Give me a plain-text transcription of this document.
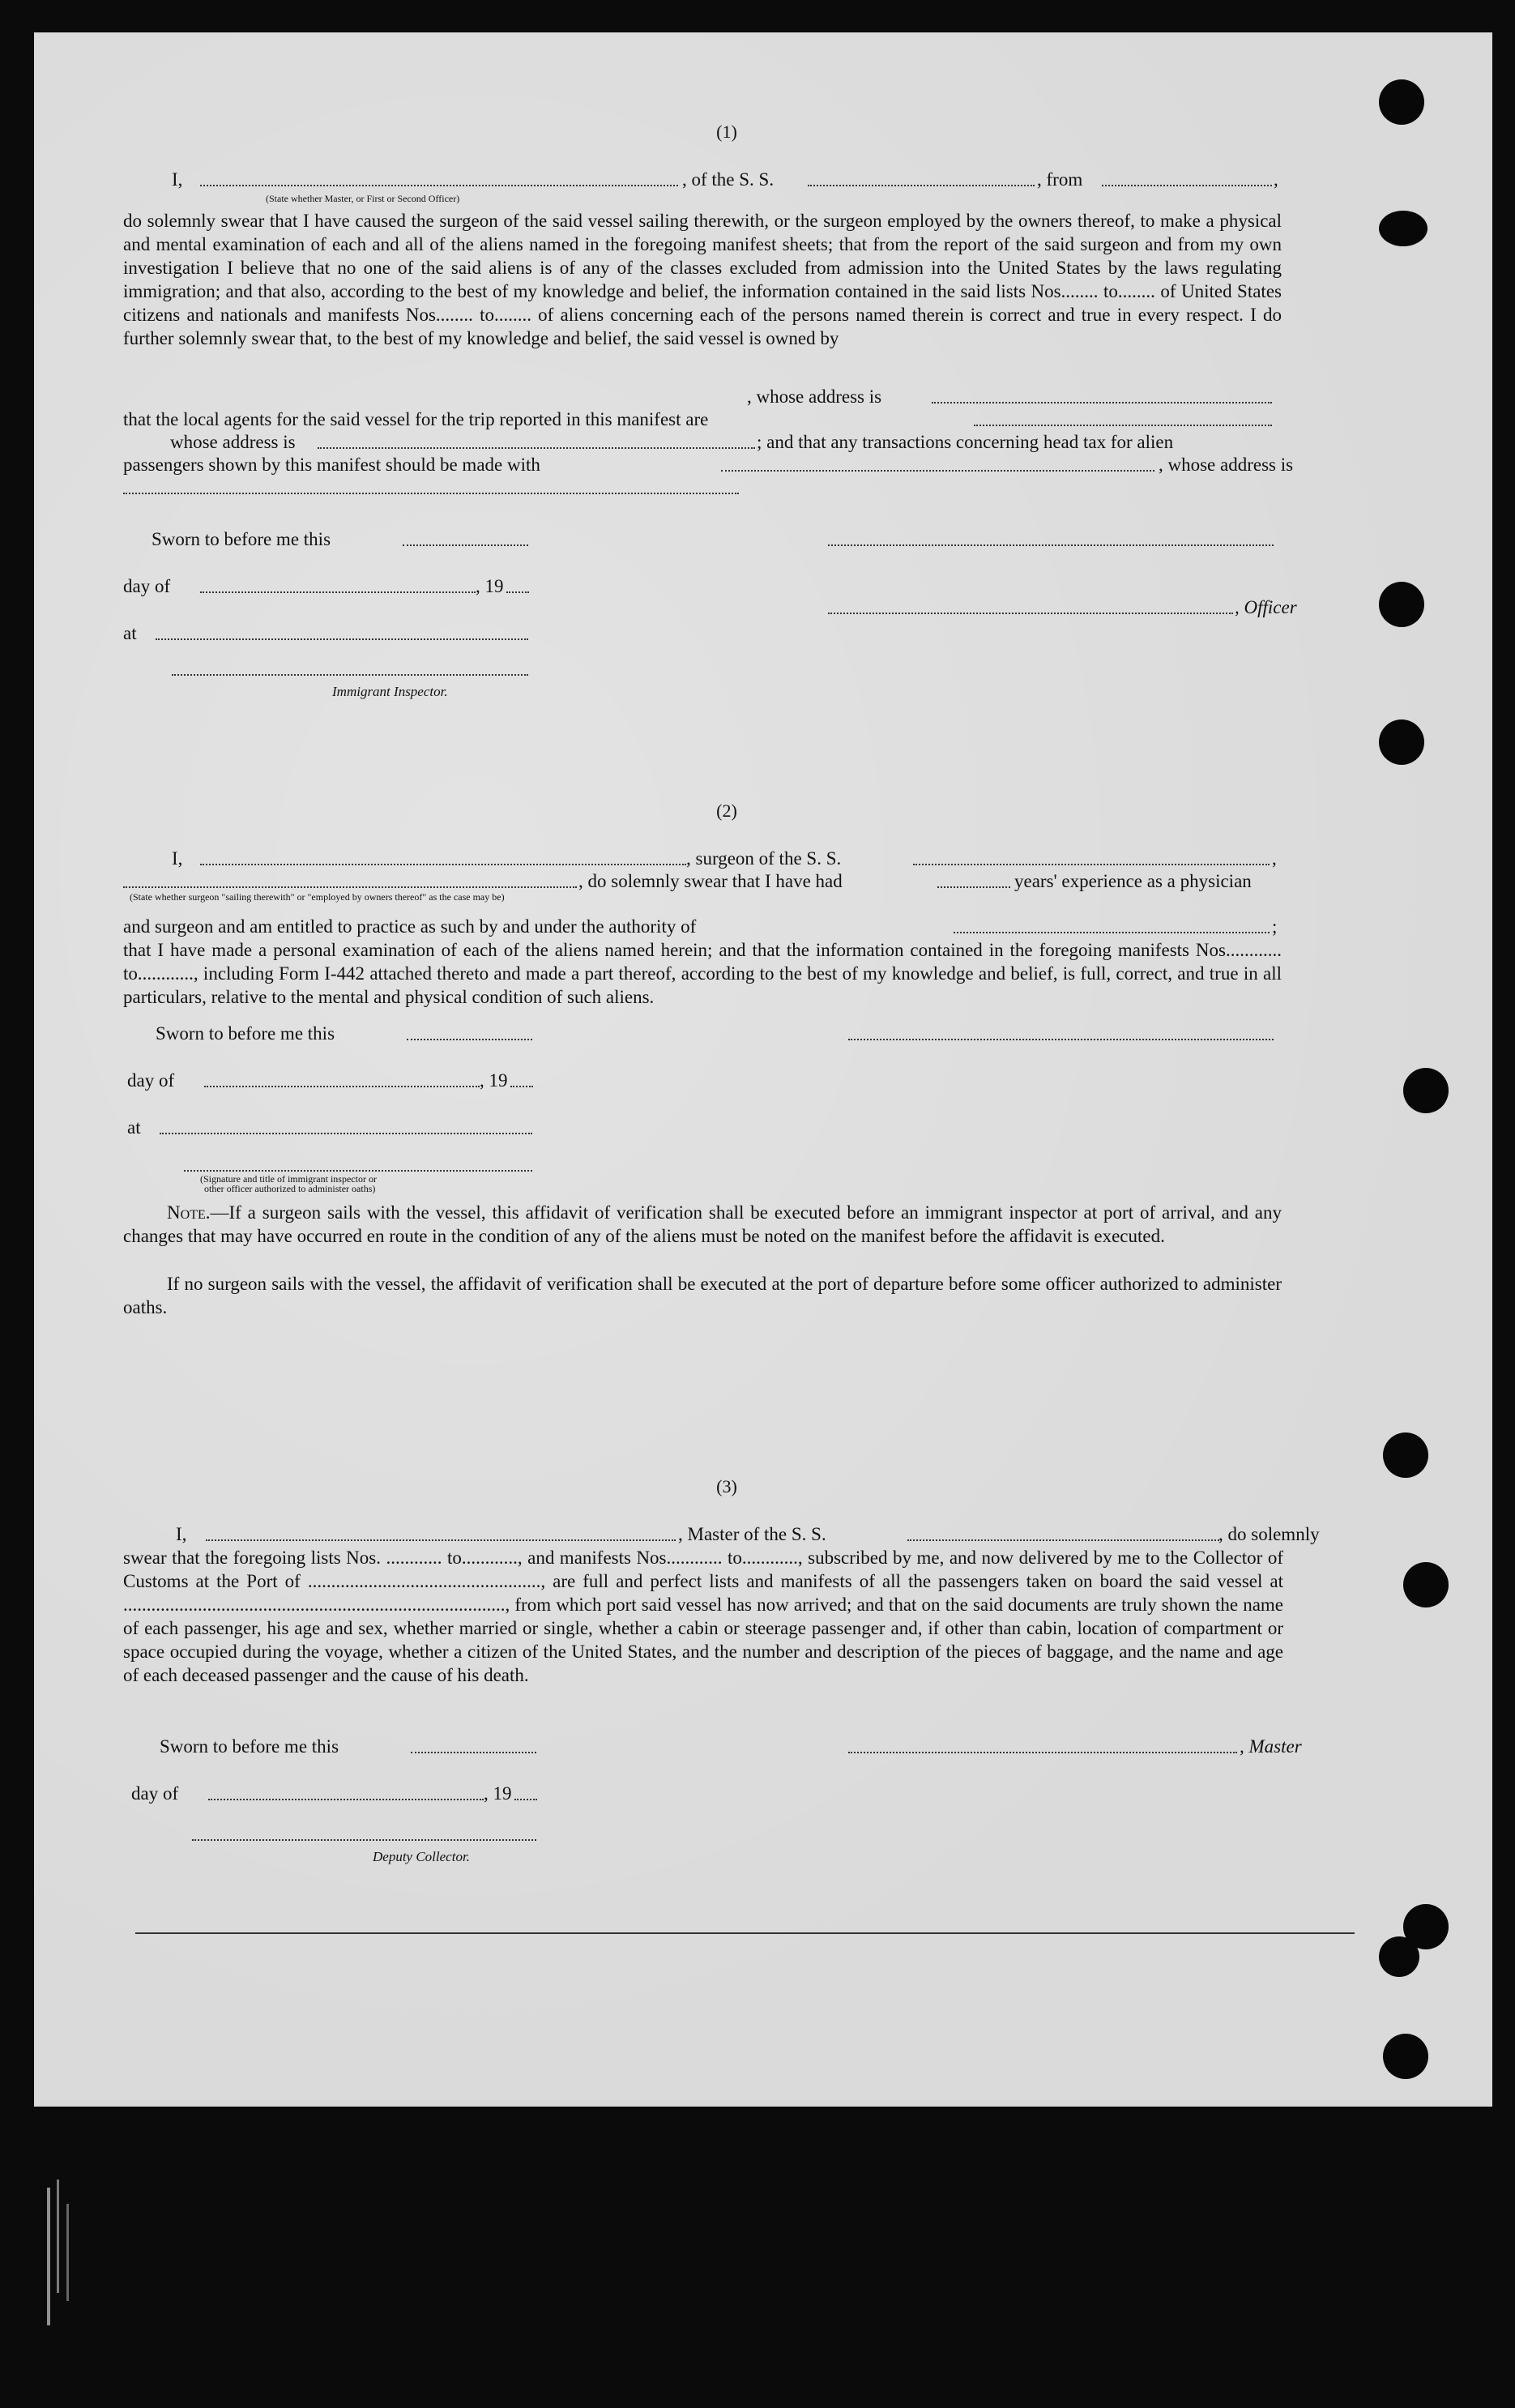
(1)
I,	, of the S. S.	, from	,
(State whether Master, or First or Second Officer)
do solemnly swear that I have caused the surgeon of the said vessel sailing therewith, or the surgeon employed by the owners thereof, to make a physical and mental examination of each and all of the aliens named in the foregoing manifest sheets; that from the report of the said surgeon and from my own investigation I believe that no one of the said aliens is of any of the classes excluded from admission into the United States by the laws regulating immigration; and that also, according to the best of my knowledge and belief, the information contained in the said lists Nos........ to........ of United States citizens and nationals and manifests Nos........ to........ of aliens concerning each of the persons named therein is correct and true in every respect. I do further solemnly swear that, to the best of my knowledge and belief, the said vessel is owned by
, whose address is
that the local agents for the said vessel for the trip reported in this manifest are
whose address is	; and that any transactions concerning head tax for alien
passengers shown by this manifest should be made with	, whose address is
Sworn to before me this
day of	, 19
, Officer
at
Immigrant Inspector.
(2)
I,	, surgeon of the S. S.	,
, do solemnly swear that I have had	years' experience as a physician
(State whether surgeon "sailing therewith" or "employed by owners thereof" as the case may be)
and surgeon and am entitled to practice as such by and under the authority of	;
that I have made a personal examination of each of the aliens named herein; and that the information contained in the foregoing manifests Nos............ to............, including Form I-442 attached thereto and made a part thereof, according to the best of my knowledge and belief, is full, correct, and true in all particulars, relative to the mental and physical condition of such aliens.
Sworn to before me this
day of	, 19
at
(Signature and title of immigrant inspector or
other officer authorized to administer oaths)
Note.—If a surgeon sails with the vessel, this affidavit of verification shall be executed before an immigrant inspector at port of arrival, and any changes that may have occurred en route in the condition of any of the aliens must be noted on the manifest before the affidavit is executed.
If no surgeon sails with the vessel, the affidavit of verification shall be executed at the port of departure before some officer authorized to administer oaths.
(3)
I,	, Master of the S. S.	, do solemnly
swear that the foregoing lists Nos. ............ to............, and manifests Nos............ to............, subscribed by me, and now delivered by me to the Collector of Customs at the Port of .................................................., are full and perfect lists and manifests of all the passengers taken on board the said vessel at .................................................................................., from which port said vessel has now arrived; and that on the said documents are truly shown the name of each passenger, his age and sex, whether married or single, whether a cabin or steerage passenger and, if other than cabin, location of compartment or space occupied during the voyage, whether a citizen of the United States, and the number and description of the pieces of baggage, and the name and age of each deceased passenger and the cause of his death.
Sworn to before me this	, Master
day of	, 19
Deputy Collector.
